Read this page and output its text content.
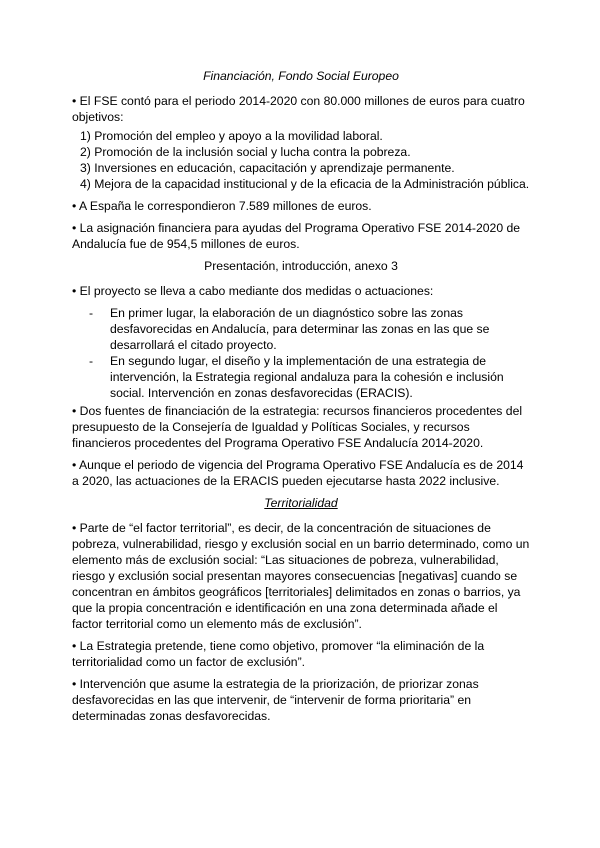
Financiación, Fondo Social Europeo

• El FSE contó para el periodo 2014-2020 con 80.000 millones de euros para cuatro objetivos:

1) Promoción del empleo y apoyo a la movilidad laboral.
2) Promoción de la inclusión social y lucha contra la pobreza.
3) Inversiones en educación, capacitación y aprendizaje permanente.
4) Mejora de la capacidad institucional y de la eficacia de la Administración pública.

• A España le correspondieron 7.589 millones de euros.

• La asignación financiera para ayudas del Programa Operativo FSE 2014-2020 de Andalucía fue de 954,5 millones de euros.

Presentación, introducción, anexo 3

• El proyecto se lleva a cabo mediante dos medidas o actuaciones:

- En primer lugar, la elaboración de un diagnóstico sobre las zonas desfavorecidas en Andalucía, para determinar las zonas en las que se desarrollará el citado proyecto.
- En segundo lugar, el diseño y la implementación de una estrategia de intervención, la Estrategia regional andaluza para la cohesión e inclusión social. Intervención en zonas desfavorecidas (ERACIS).

• Dos fuentes de financiación de la estrategia: recursos financieros procedentes del presupuesto de la Consejería de Igualdad y Políticas Sociales, y recursos financieros procedentes del Programa Operativo FSE Andalucía 2014-2020.

• Aunque el periodo de vigencia del Programa Operativo FSE Andalucía es de 2014 a 2020, las actuaciones de la ERACIS pueden ejecutarse hasta 2022 inclusive.

Territorialidad

• Parte de “el factor territorial”, es decir, de la concentración de situaciones de pobreza, vulnerabilidad, riesgo y exclusión social en un barrio determinado, como un elemento más de exclusión social: “Las situaciones de pobreza, vulnerabilidad, riesgo y exclusión social presentan mayores consecuencias [negativas] cuando se concentran en ámbitos geográficos [territoriales] delimitados en zonas o barrios, ya que la propia concentración e identificación en una zona determinada añade el factor territorial como un elemento más de exclusión”.

• La Estrategia pretende, tiene como objetivo, promover “la eliminación de la territorialidad como un factor de exclusión”.

• Intervención que asume la estrategia de la priorización, de priorizar zonas desfavorecidas en las que intervenir, de “intervenir de forma prioritaria” en determinadas zonas desfavorecidas.
